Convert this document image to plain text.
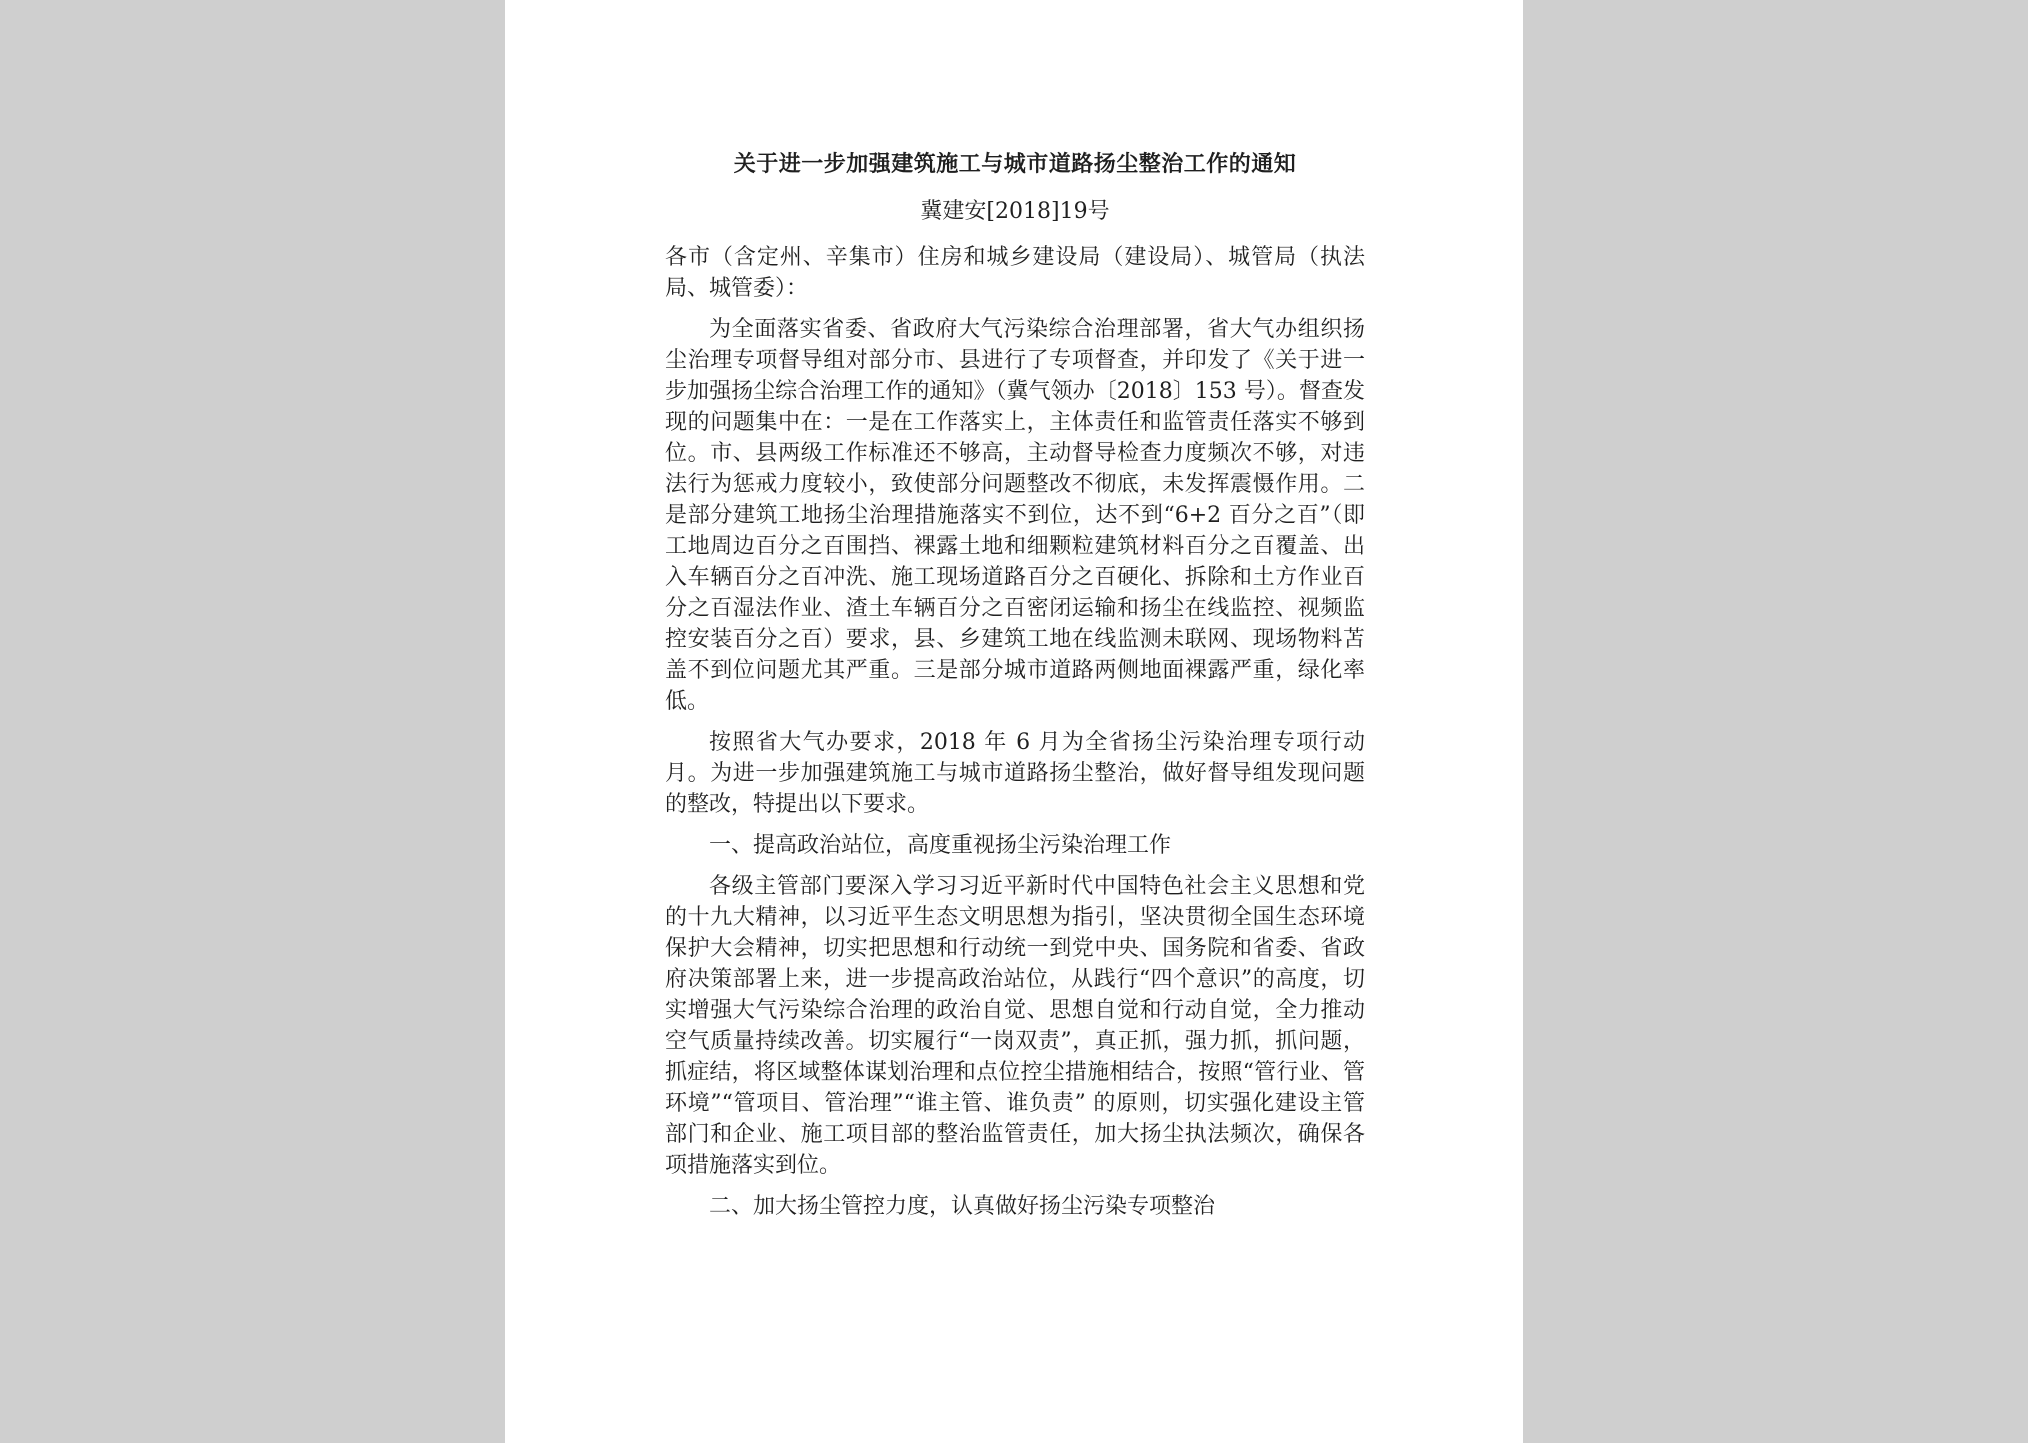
关于进一步加强建筑施工与城市道路扬尘整治工作的通知
冀建安[2018]19号

各市（含定州、辛集市）住房和城乡建设局（建设局）、城管局（执法局、城管委）：

为全面落实省委、省政府大气污染综合治理部署，省大气办组织扬尘治理专项督导组对部分市、县进行了专项督查，并印发了《关于进一步加强扬尘综合治理工作的通知》（冀气领办〔2018〕153 号）。督查发现的问题集中在：一是在工作落实上，主体责任和监管责任落实不够到位。市、县两级工作标准还不够高，主动督导检查力度频次不够，对违法行为惩戒力度较小，致使部分问题整改不彻底，未发挥震慑作用。二是部分建筑工地扬尘治理措施落实不到位，达不到“6+2 百分之百”（即工地周边百分之百围挡、裸露土地和细颗粒建筑材料百分之百覆盖、出入车辆百分之百冲洗、施工现场道路百分之百硬化、拆除和土方作业百分之百湿法作业、渣土车辆百分之百密闭运输和扬尘在线监控、视频监控安装百分之百）要求，县、乡建筑工地在线监测未联网、现场物料苫盖不到位问题尤其严重。三是部分城市道路两侧地面裸露严重，绿化率低。

按照省大气办要求，2018 年 6 月为全省扬尘污染治理专项行动月。为进一步加强建筑施工与城市道路扬尘整治，做好督导组发现问题的整改，特提出以下要求。

一、提高政治站位，高度重视扬尘污染治理工作

各级主管部门要深入学习习近平新时代中国特色社会主义思想和党的十九大精神，以习近平生态文明思想为指引，坚决贯彻全国生态环境保护大会精神，切实把思想和行动统一到党中央、国务院和省委、省政府决策部署上来，进一步提高政治站位，从践行“四个意识”的高度，切实增强大气污染综合治理的政治自觉、思想自觉和行动自觉，全力推动空气质量持续改善。切实履行“一岗双责”，真正抓，强力抓，抓问题，抓症结，将区域整体谋划治理和点位控尘措施相结合，按照“管行业、管环境”“管项目、管治理”“谁主管、谁负责” 的原则，切实强化建设主管部门和企业、施工项目部的整治监管责任，加大扬尘执法频次，确保各项措施落实到位。

二、加大扬尘管控力度，认真做好扬尘污染专项整治
